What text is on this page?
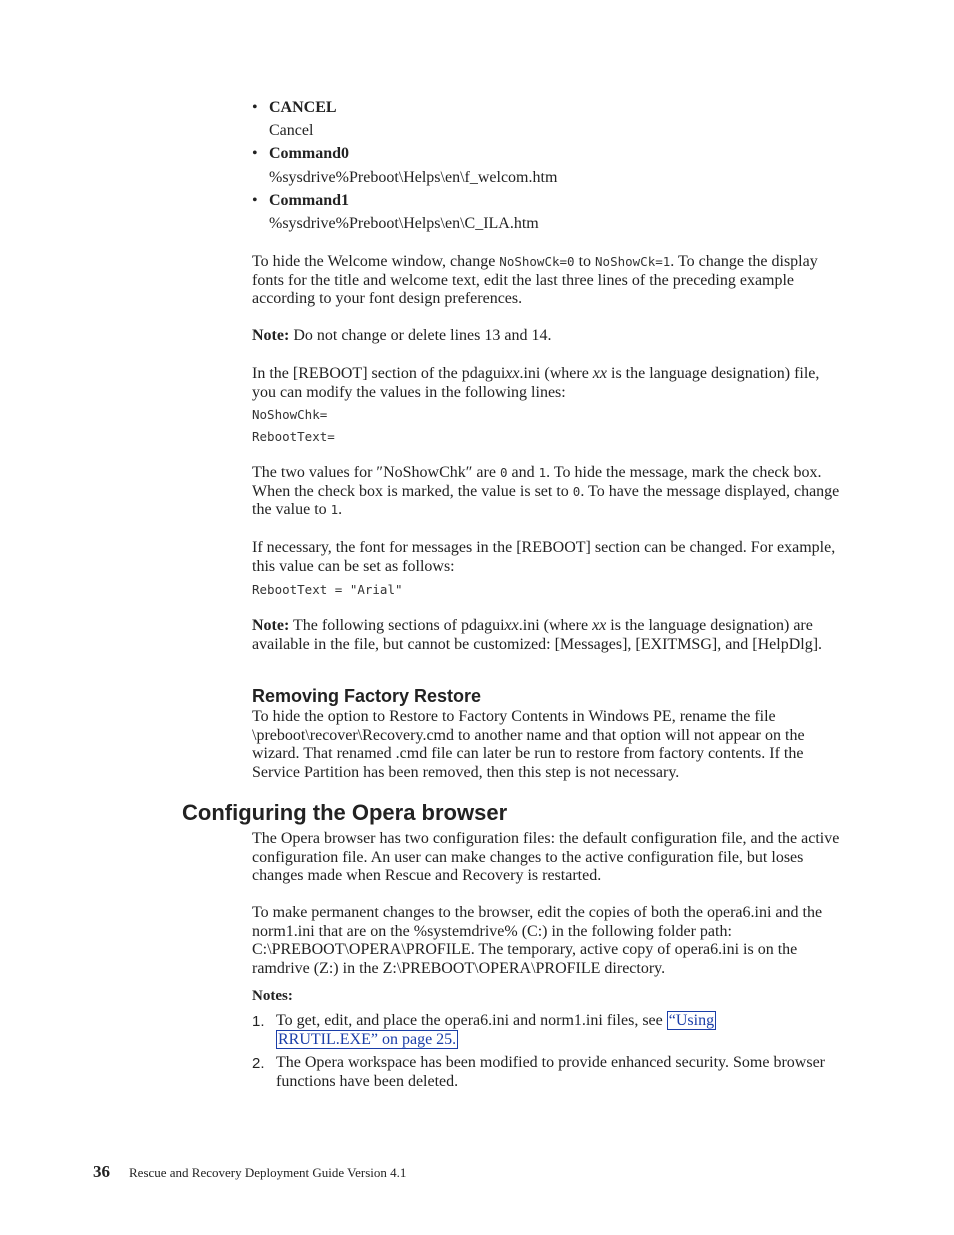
• CANCEL
Cancel
• Command0
%sysdrive%Preboot\Helps\en\f_welcom.htm
• Command1
%sysdrive%Preboot\Helps\en\C_ILA.htm

To hide the Welcome window, change NoShowCk=0 to NoShowCk=1. To change the display fonts for the title and welcome text, edit the last three lines of the preceding example according to your font design preferences.

Note: Do not change or delete lines 13 and 14.

In the [REBOOT] section of the pdaguixx.ini (where xx is the language designation) file, you can modify the values in the following lines:

NoShowChk=
RebootText=

The two values for ″NoShowChk″ are 0 and 1. To hide the message, mark the check box. When the check box is marked, the value is set to 0. To have the message displayed, change the value to 1.

If necessary, the font for messages in the [REBOOT] section can be changed. For example, this value can be set as follows:

RebootText = "Arial"

Note: The following sections of pdaguixx.ini (where xx is the language designation) are available in the file, but cannot be customized: [Messages], [EXITMSG], and [HelpDlg].

Removing Factory Restore

To hide the option to Restore to Factory Contents in Windows PE, rename the file \preboot\recover\Recovery.cmd to another name and that option will not appear on the wizard. That renamed .cmd file can later be run to restore from factory contents. If the Service Partition has been removed, then this step is not necessary.

Configuring the Opera browser

The Opera browser has two configuration files: the default configuration file, and the active configuration file. An user can make changes to the active configuration file, but loses changes made when Rescue and Recovery is restarted.

To make permanent changes to the browser, edit the copies of both the opera6.ini and the norm1.ini that are on the %systemdrive% (C:) in the following folder path: C:\PREBOOT\OPERA\PROFILE. The temporary, active copy of opera6.ini is on the ramdrive (Z:) in the Z:\PREBOOT\OPERA\PROFILE directory.

Notes:
1. To get, edit, and place the opera6.ini and norm1.ini files, see “Using
RRUTIL.EXE” on page 25.

2. The Opera workspace has been modified to provide enhanced security. Some browser functions have been deleted.

36 Rescue and Recovery Deployment Guide Version 4.1
